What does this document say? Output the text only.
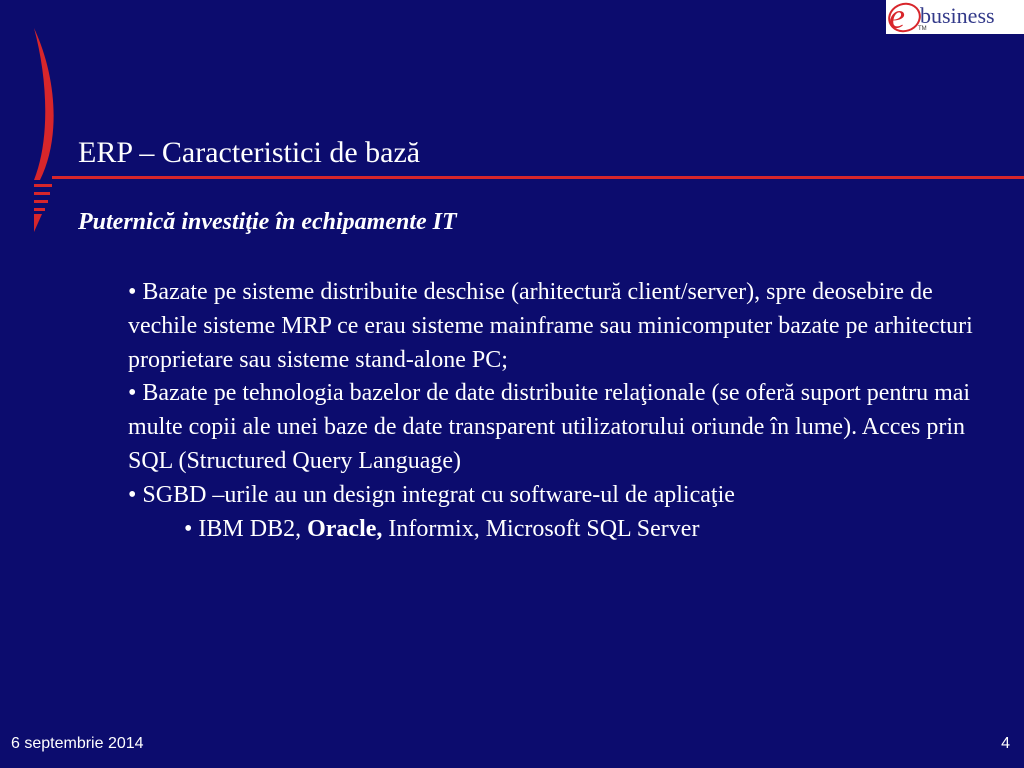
e business
TM
ERP – Caracteristici de bază
Puternică investiţie în echipamente IT

• Bazate pe sisteme distribuite deschise (arhitectură client/server), spre deosebire de vechile sisteme MRP ce erau sisteme mainframe sau minicomputer bazate pe arhitecturi proprietare sau sisteme stand-alone PC;

• Bazate pe tehnologia bazelor de date distribuite relaţionale (se oferă suport pentru mai multe copii ale unei baze de date transparent utilizatorului oriunde în lume). Acces prin SQL (Structured Query Language)

• SGBD –urile au un design integrat cu software-ul de aplicaţie

• IBM DB2, Oracle, Informix, Microsoft SQL Server

6 septembrie 2014	4
